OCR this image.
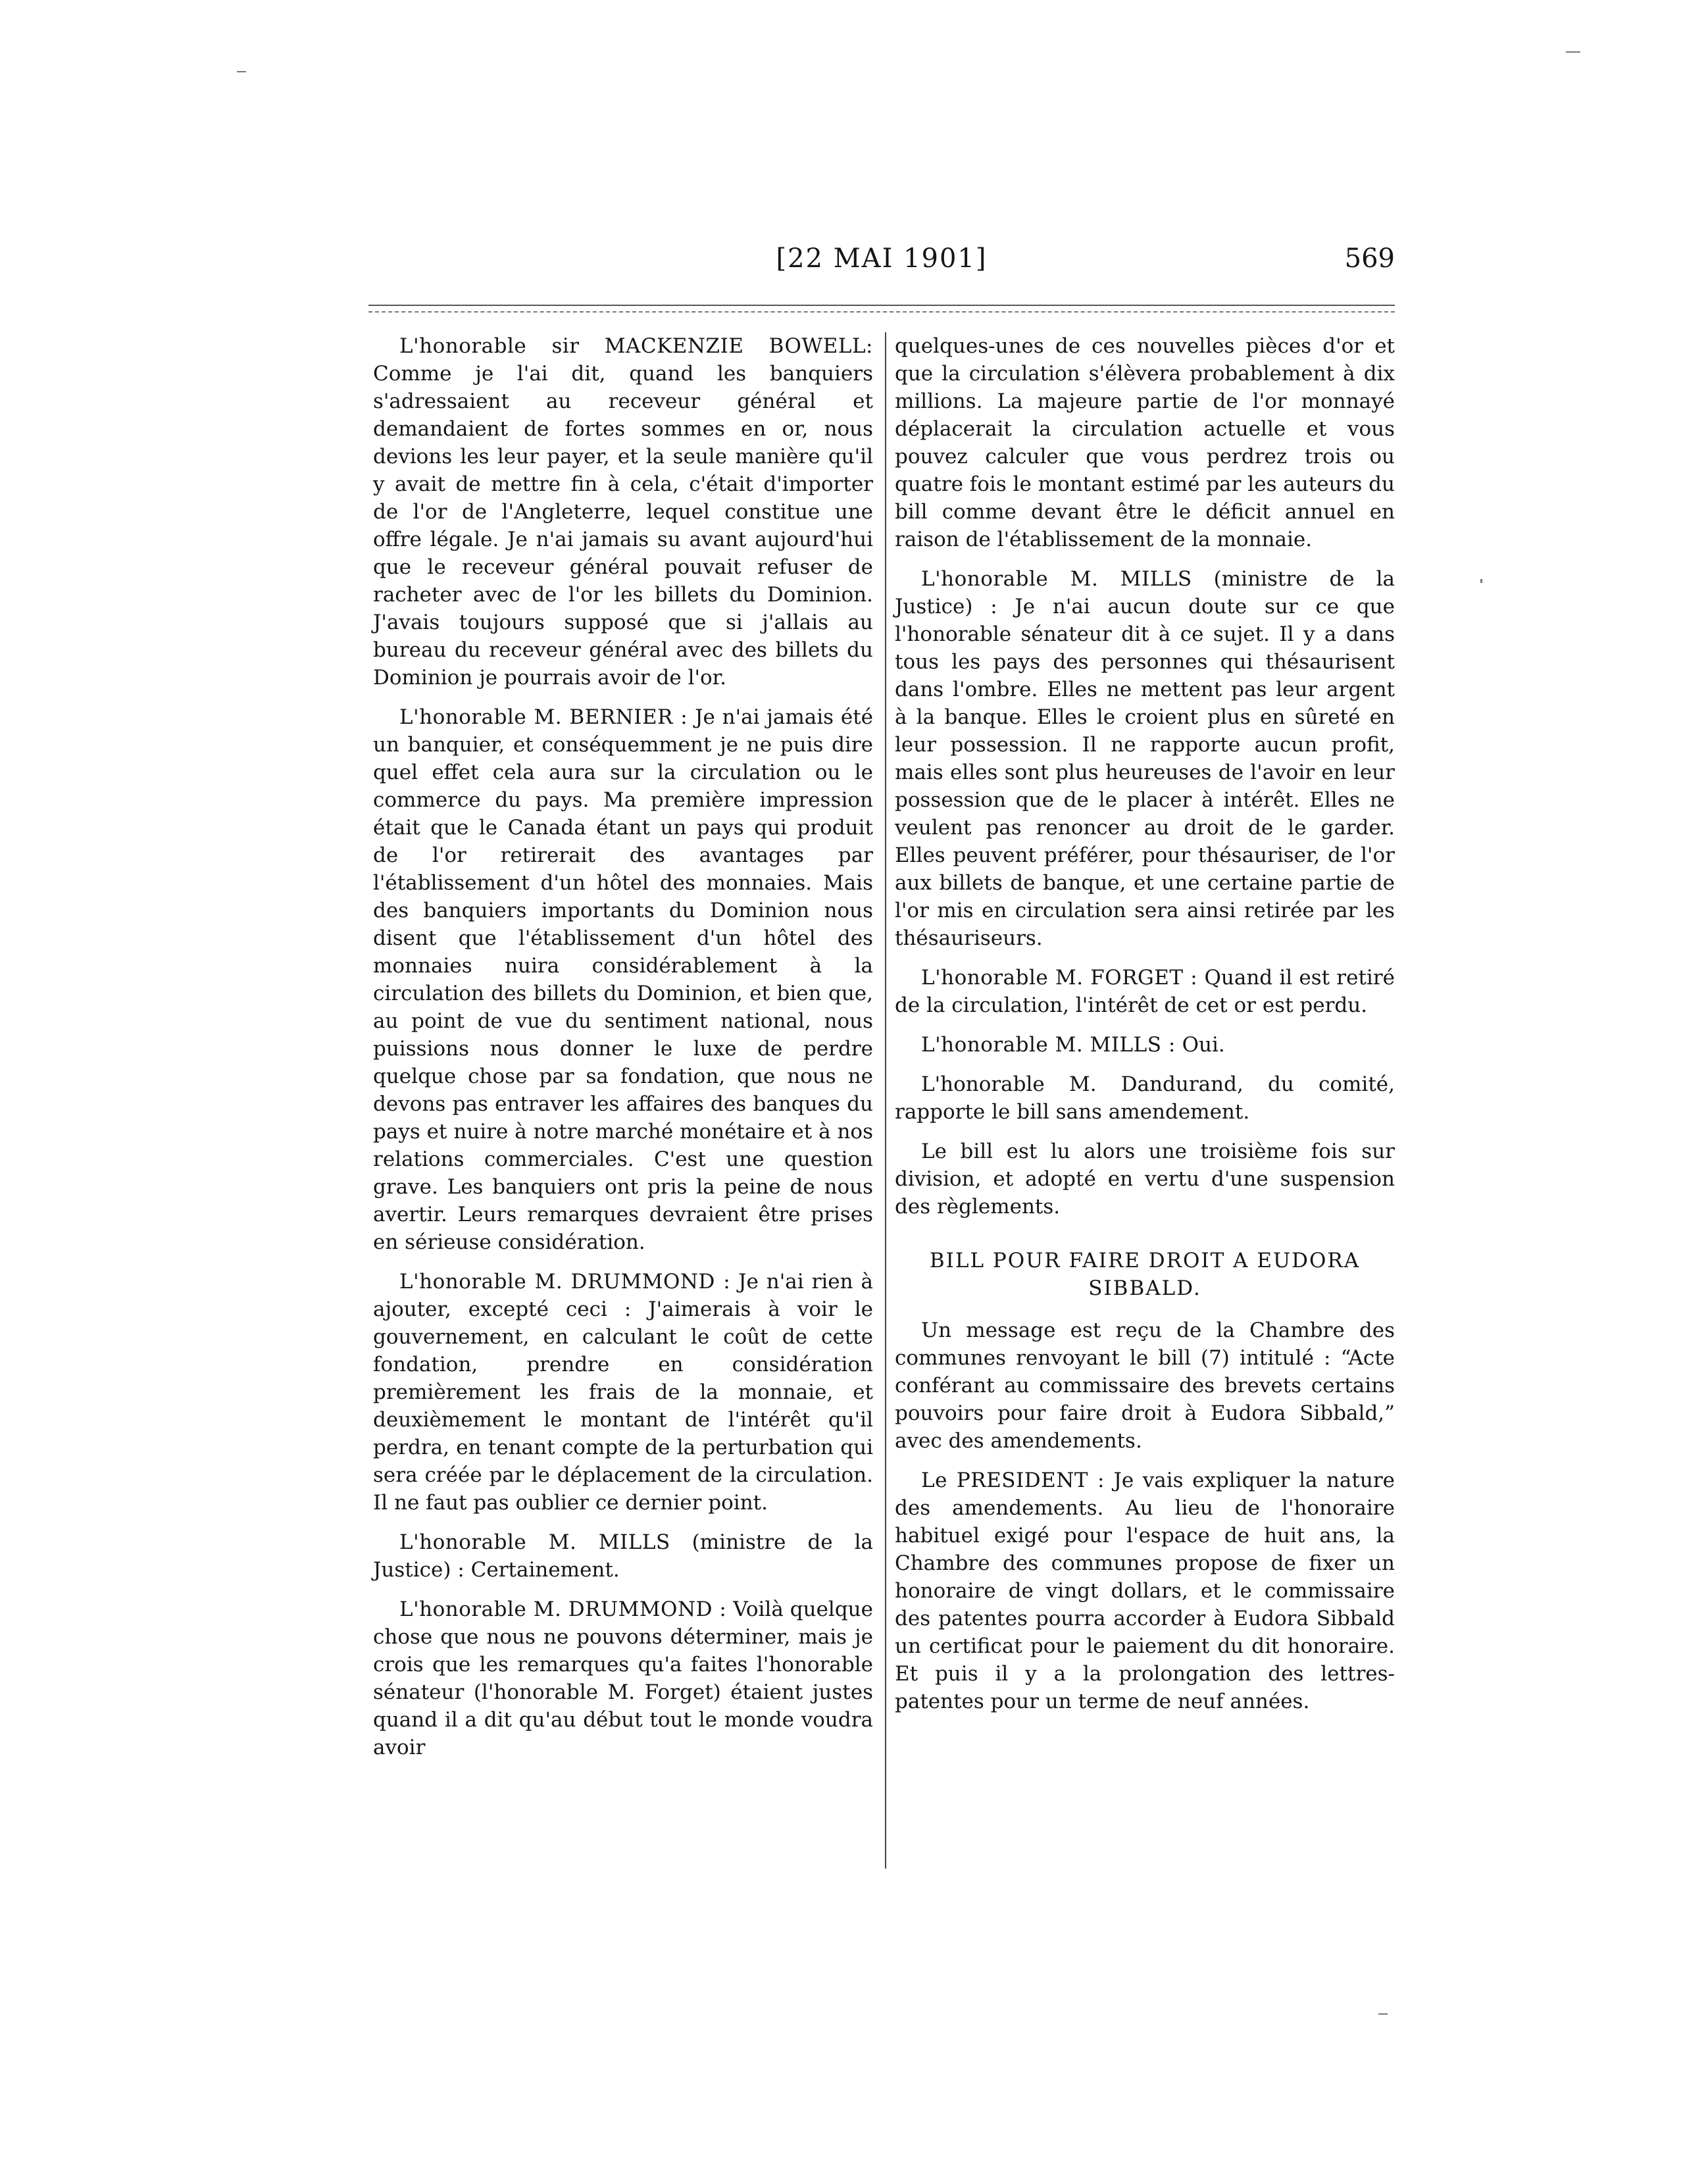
[22 MAI 1901]	569

L'honorable sir MACKENZIE BOWELL: Comme je l'ai dit, quand les banquiers s'adressaient au receveur général et demandaient de fortes sommes en or, nous devions les leur payer, et la seule manière qu'il y avait de mettre fin à cela, c'était d'importer de l'or de l'Angleterre, lequel constitue une offre légale. Je n'ai jamais su avant aujourd'hui que le receveur général pouvait refuser de racheter avec de l'or les billets du Dominion. J'avais toujours supposé que si j'allais au bureau du receveur général avec des billets du Dominion je pourrais avoir de l'or.

L'honorable M. BERNIER : Je n'ai jamais été un banquier, et conséquemment je ne puis dire quel effet cela aura sur la circulation ou le commerce du pays. Ma première impression était que le Canada étant un pays qui produit de l'or retirerait des avantages par l'établissement d'un hôtel des monnaies. Mais des banquiers importants du Dominion nous disent que l'établissement d'un hôtel des monnaies nuira considérablement à la circulation des billets du Dominion, et bien que, au point de vue du sentiment national, nous puissions nous donner le luxe de perdre quelque chose par sa fondation, que nous ne devons pas entraver les affaires des banques du pays et nuire à notre marché monétaire et à nos relations commerciales. C'est une question grave. Les banquiers ont pris la peine de nous avertir. Leurs remarques devraient être prises en sérieuse considération.

L'honorable M. DRUMMOND : Je n'ai rien à ajouter, excepté ceci : J'aimerais à voir le gouvernement, en calculant le coût de cette fondation, prendre en considération premièrement les frais de la monnaie, et deuxièmement le montant de l'intérêt qu'il perdra, en tenant compte de la perturbation qui sera créée par le déplacement de la circulation. Il ne faut pas oublier ce dernier point.

L'honorable M. MILLS (ministre de la Justice) : Certainement.

L'honorable M. DRUMMOND : Voilà quelque chose que nous ne pouvons déterminer, mais je crois que les remarques qu'a faites l'honorable sénateur (l'honorable M. Forget) étaient justes quand il a dit qu'au début tout le monde voudra avoir

quelques-unes de ces nouvelles pièces d'or et que la circulation s'élèvera probablement à dix millions. La majeure partie de l'or monnayé déplacerait la circulation actuelle et vous pouvez calculer que vous perdrez trois ou quatre fois le montant estimé par les auteurs du bill comme devant être le déficit annuel en raison de l'établissement de la monnaie.

L'honorable M. MILLS (ministre de la Justice) : Je n'ai aucun doute sur ce que l'honorable sénateur dit à ce sujet. Il y a dans tous les pays des personnes qui thésaurisent dans l'ombre. Elles ne mettent pas leur argent à la banque. Elles le croient plus en sûreté en leur possession. Il ne rapporte aucun profit, mais elles sont plus heureuses de l'avoir en leur possession que de le placer à intérêt. Elles ne veulent pas renoncer au droit de le garder. Elles peuvent préférer, pour thésauriser, de l'or aux billets de banque, et une certaine partie de l'or mis en circulation sera ainsi retirée par les thésauriseurs.

L'honorable M. FORGET : Quand il est retiré de la circulation, l'intérêt de cet or est perdu.

L'honorable M. MILLS : Oui.

L'honorable M. Dandurand, du comité, rapporte le bill sans amendement.

Le bill est lu alors une troisième fois sur division, et adopté en vertu d'une suspension des règlements.

BILL POUR FAIRE DROIT A EUDORA SIBBALD.

Un message est reçu de la Chambre des communes renvoyant le bill (7) intitulé : “Acte conférant au commissaire des brevets certains pouvoirs pour faire droit à Eudora Sibbald,” avec des amendements.

Le PRESIDENT : Je vais expliquer la nature des amendements. Au lieu de l'honoraire habituel exigé pour l'espace de huit ans, la Chambre des communes propose de fixer un honoraire de vingt dollars, et le commissaire des patentes pourra accorder à Eudora Sibbald un certificat pour le paiement du dit honoraire. Et puis il y a la prolongation des lettres-patentes pour un terme de neuf années.
